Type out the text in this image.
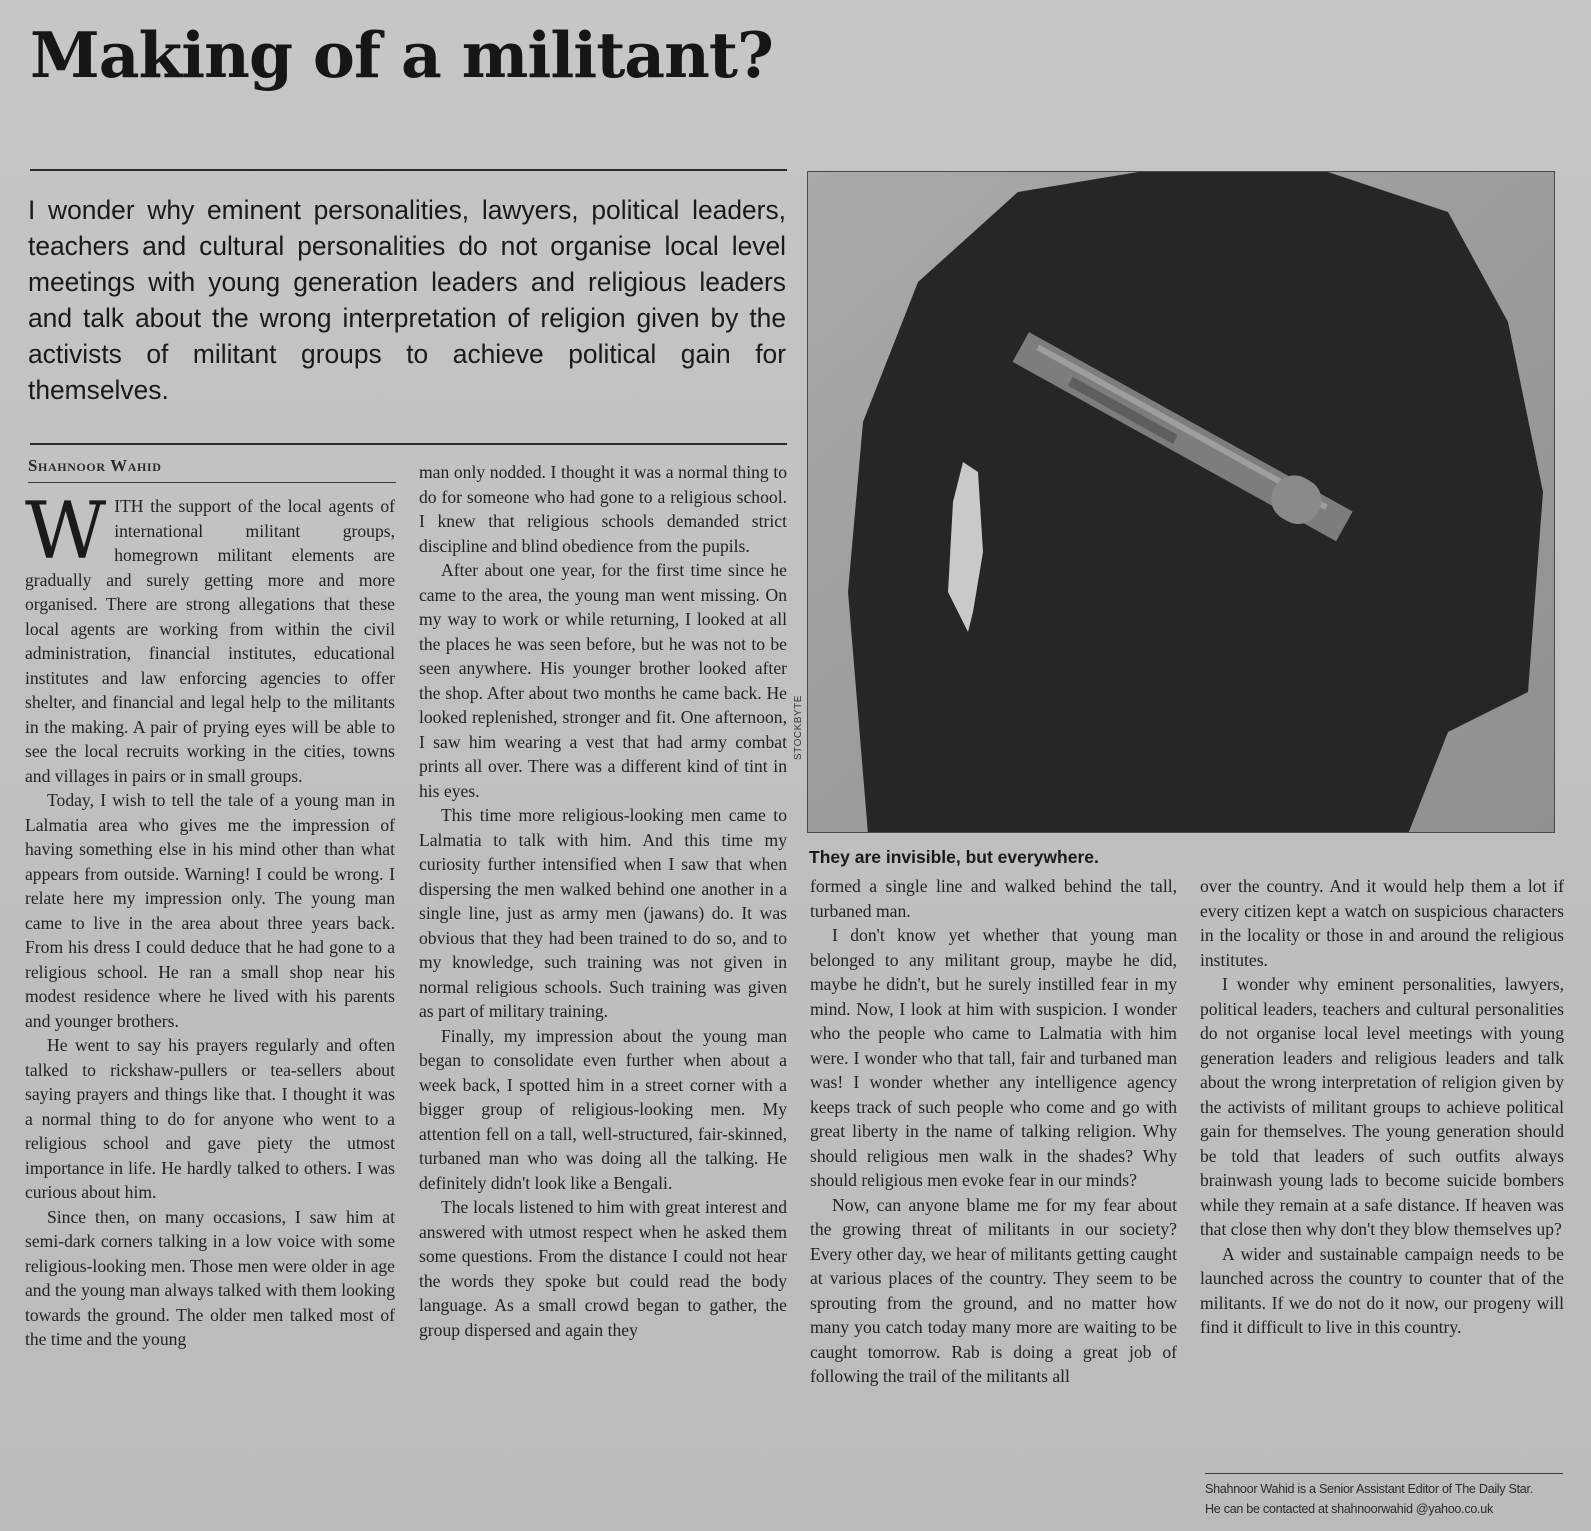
Making of a militant?

I wonder why eminent personalities, lawyers, political leaders, teachers and cultural personalities do not organise local level meetings with young generation leaders and religious leaders and talk about the wrong interpretation of religion given by the activists of militant groups to achieve political gain for themselves.

Shahnoor Wahid

WITH the support of the local agents of international militant groups, homegrown militant elements are gradually and surely getting more and more organised. There are strong allegations that these local agents are working from within the civil administration, financial institutes, educational institutes and law enforcing agencies to offer shelter, and financial and legal help to the militants in the making. A pair of prying eyes will be able to see the local recruits working in the cities, towns and villages in pairs or in small groups.

Today, I wish to tell the tale of a young man in Lalmatia area who gives me the impression of having something else in his mind other than what appears from outside. Warning! I could be wrong. I relate here my impression only. The young man came to live in the area about three years back. From his dress I could deduce that he had gone to a religious school. He ran a small shop near his modest residence where he lived with his parents and younger brothers.

He went to say his prayers regularly and often talked to rickshaw-pullers or tea-sellers about saying prayers and things like that. I thought it was a normal thing to do for anyone who went to a religious school and gave piety the utmost importance in life. He hardly talked to others. I was curious about him.

Since then, on many occasions, I saw him at semi-dark corners talking in a low voice with some religious-looking men. Those men were older in age and the young man always talked with them looking towards the ground. The older men talked most of the time and the young

man only nodded. I thought it was a normal thing to do for someone who had gone to a religious school. I knew that religious schools demanded strict discipline and blind obedience from the pupils.

After about one year, for the first time since he came to the area, the young man went missing. On my way to work or while returning, I looked at all the places he was seen before, but he was not to be seen anywhere. His younger brother looked after the shop. After about two months he came back. He looked replenished, stronger and fit. One afternoon, I saw him wearing a vest that had army combat prints all over. There was a different kind of tint in his eyes.

This time more religious-looking men came to Lalmatia to talk with him. And this time my curiosity further intensified when I saw that when dispersing the men walked behind one another in a single line, just as army men (jawans) do. It was obvious that they had been trained to do so, and to my knowledge, such training was not given in normal religious schools. Such training was given as part of military training.

Finally, my impression about the young man began to consolidate even further when about a week back, I spotted him in a street corner with a bigger group of religious-looking men. My attention fell on a tall, well-structured, fair-skinned, turbaned man who was doing all the talking. He definitely didn't look like a Bengali.

The locals listened to him with great interest and answered with utmost respect when he asked them some questions. From the distance I could not hear the words they spoke but could read the body language. As a small crowd began to gather, the group dispersed and again they

STOCKBYTE
They are invisible, but everywhere.

formed a single line and walked behind the tall, turbaned man.

I don't know yet whether that young man belonged to any militant group, maybe he did, maybe he didn't, but he surely instilled fear in my mind. Now, I look at him with suspicion. I wonder who the people who came to Lalmatia with him were. I wonder who that tall, fair and turbaned man was! I wonder whether any intelligence agency keeps track of such people who come and go with great liberty in the name of talking religion. Why should religious men walk in the shades? Why should religious men evoke fear in our minds?

Now, can anyone blame me for my fear about the growing threat of militants in our society? Every other day, we hear of militants getting caught at various places of the country. They seem to be sprouting from the ground, and no matter how many you catch today many more are waiting to be caught tomorrow. Rab is doing a great job of following the trail of the militants all

over the country. And it would help them a lot if every citizen kept a watch on suspicious characters in the locality or those in and around the religious institutes.

I wonder why eminent personalities, lawyers, political leaders, teachers and cultural personalities do not organise local level meetings with young generation leaders and religious leaders and talk about the wrong interpretation of religion given by the activists of militant groups to achieve political gain for themselves. The young generation should be told that leaders of such outfits always brainwash young lads to become suicide bombers while they remain at a safe distance. If heaven was that close then why don't they blow themselves up?

A wider and sustainable campaign needs to be launched across the country to counter that of the militants. If we do not do it now, our progeny will find it difficult to live in this country.

Shahnoor Wahid is a Senior Assistant Editor of The Daily Star.
He can be contacted at shahnoorwahid @yahoo.co.uk
